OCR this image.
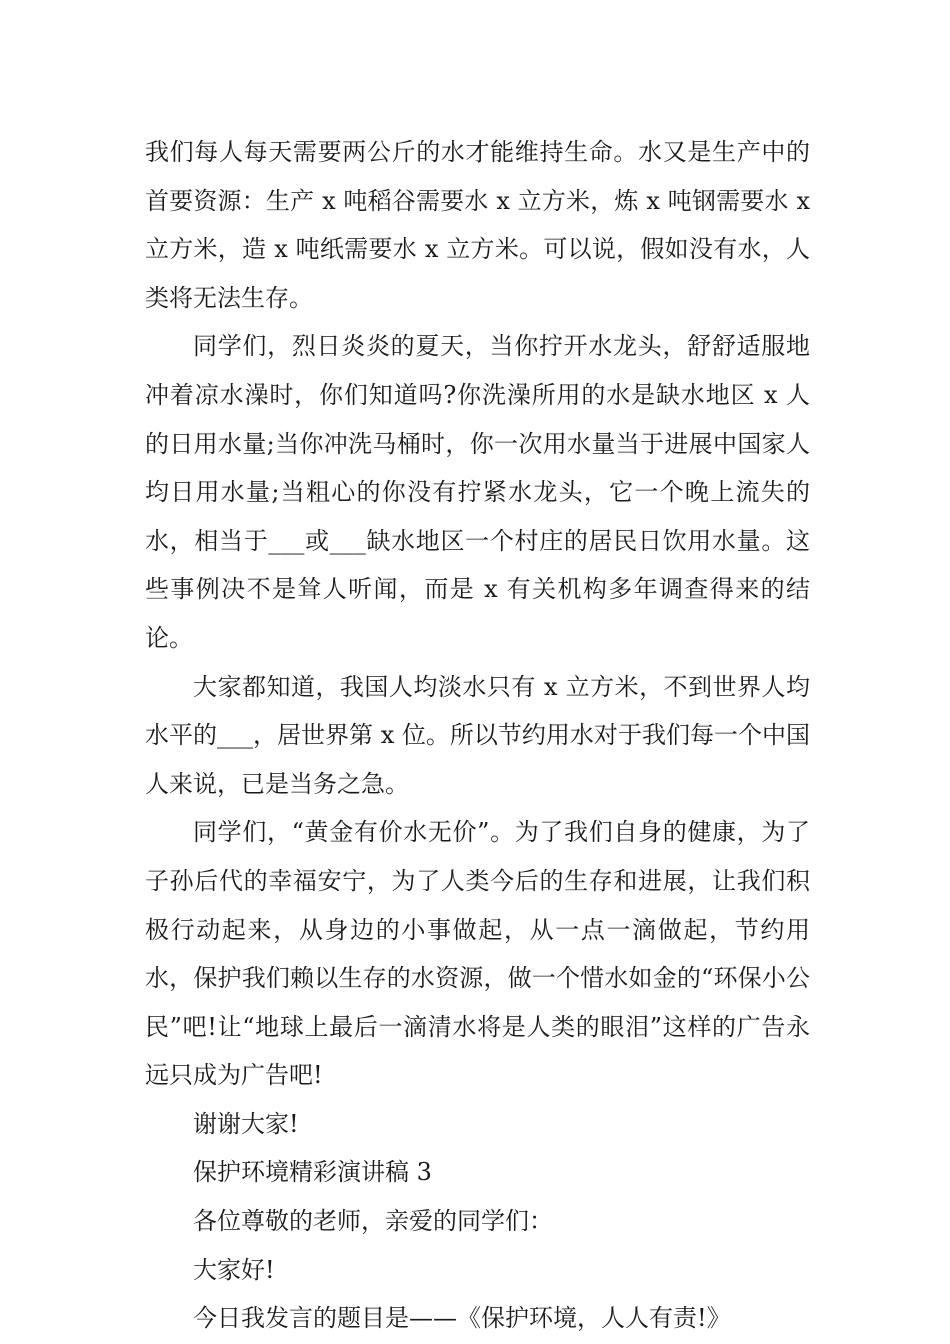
我们每人每天需要两公斤的水才能维持生命。水又是生产中的首要资源：生产 x 吨稻谷需要水 x 立方米，炼 x 吨钢需要水 x 立方米，造 x 吨纸需要水 x 立方米。可以说，假如没有水，人类将无法生存。

同学们，烈日炎炎的夏天，当你拧开水龙头，舒舒适服地冲着凉水澡时，你们知道吗?你洗澡所用的水是缺水地区 x 人的日用水量;当你冲洗马桶时，你一次用水量当于进展中国家人均日用水量;当粗心的你没有拧紧水龙头，它一个晚上流失的水，相当于___或___缺水地区一个村庄的居民日饮用水量。这些事例决不是耸人听闻，而是 x 有关机构多年调查得来的结论。

大家都知道，我国人均淡水只有 x 立方米，不到世界人均水平的___，居世界第 x 位。所以节约用水对于我们每一个中国人来说，已是当务之急。

同学们，“黄金有价水无价”。为了我们自身的健康，为了子孙后代的幸福安宁，为了人类今后的生存和进展，让我们积极行动起来，从身边的小事做起，从一点一滴做起，节约用水，保护我们赖以生存的水资源，做一个惜水如金的“环保小公民”吧!让“地球上最后一滴清水将是人类的眼泪”这样的广告永远只成为广告吧!

谢谢大家!

保护环境精彩演讲稿 3

各位尊敬的老师，亲爱的同学们：

大家好!

今日我发言的题目是——《保护环境，人人有责!》
